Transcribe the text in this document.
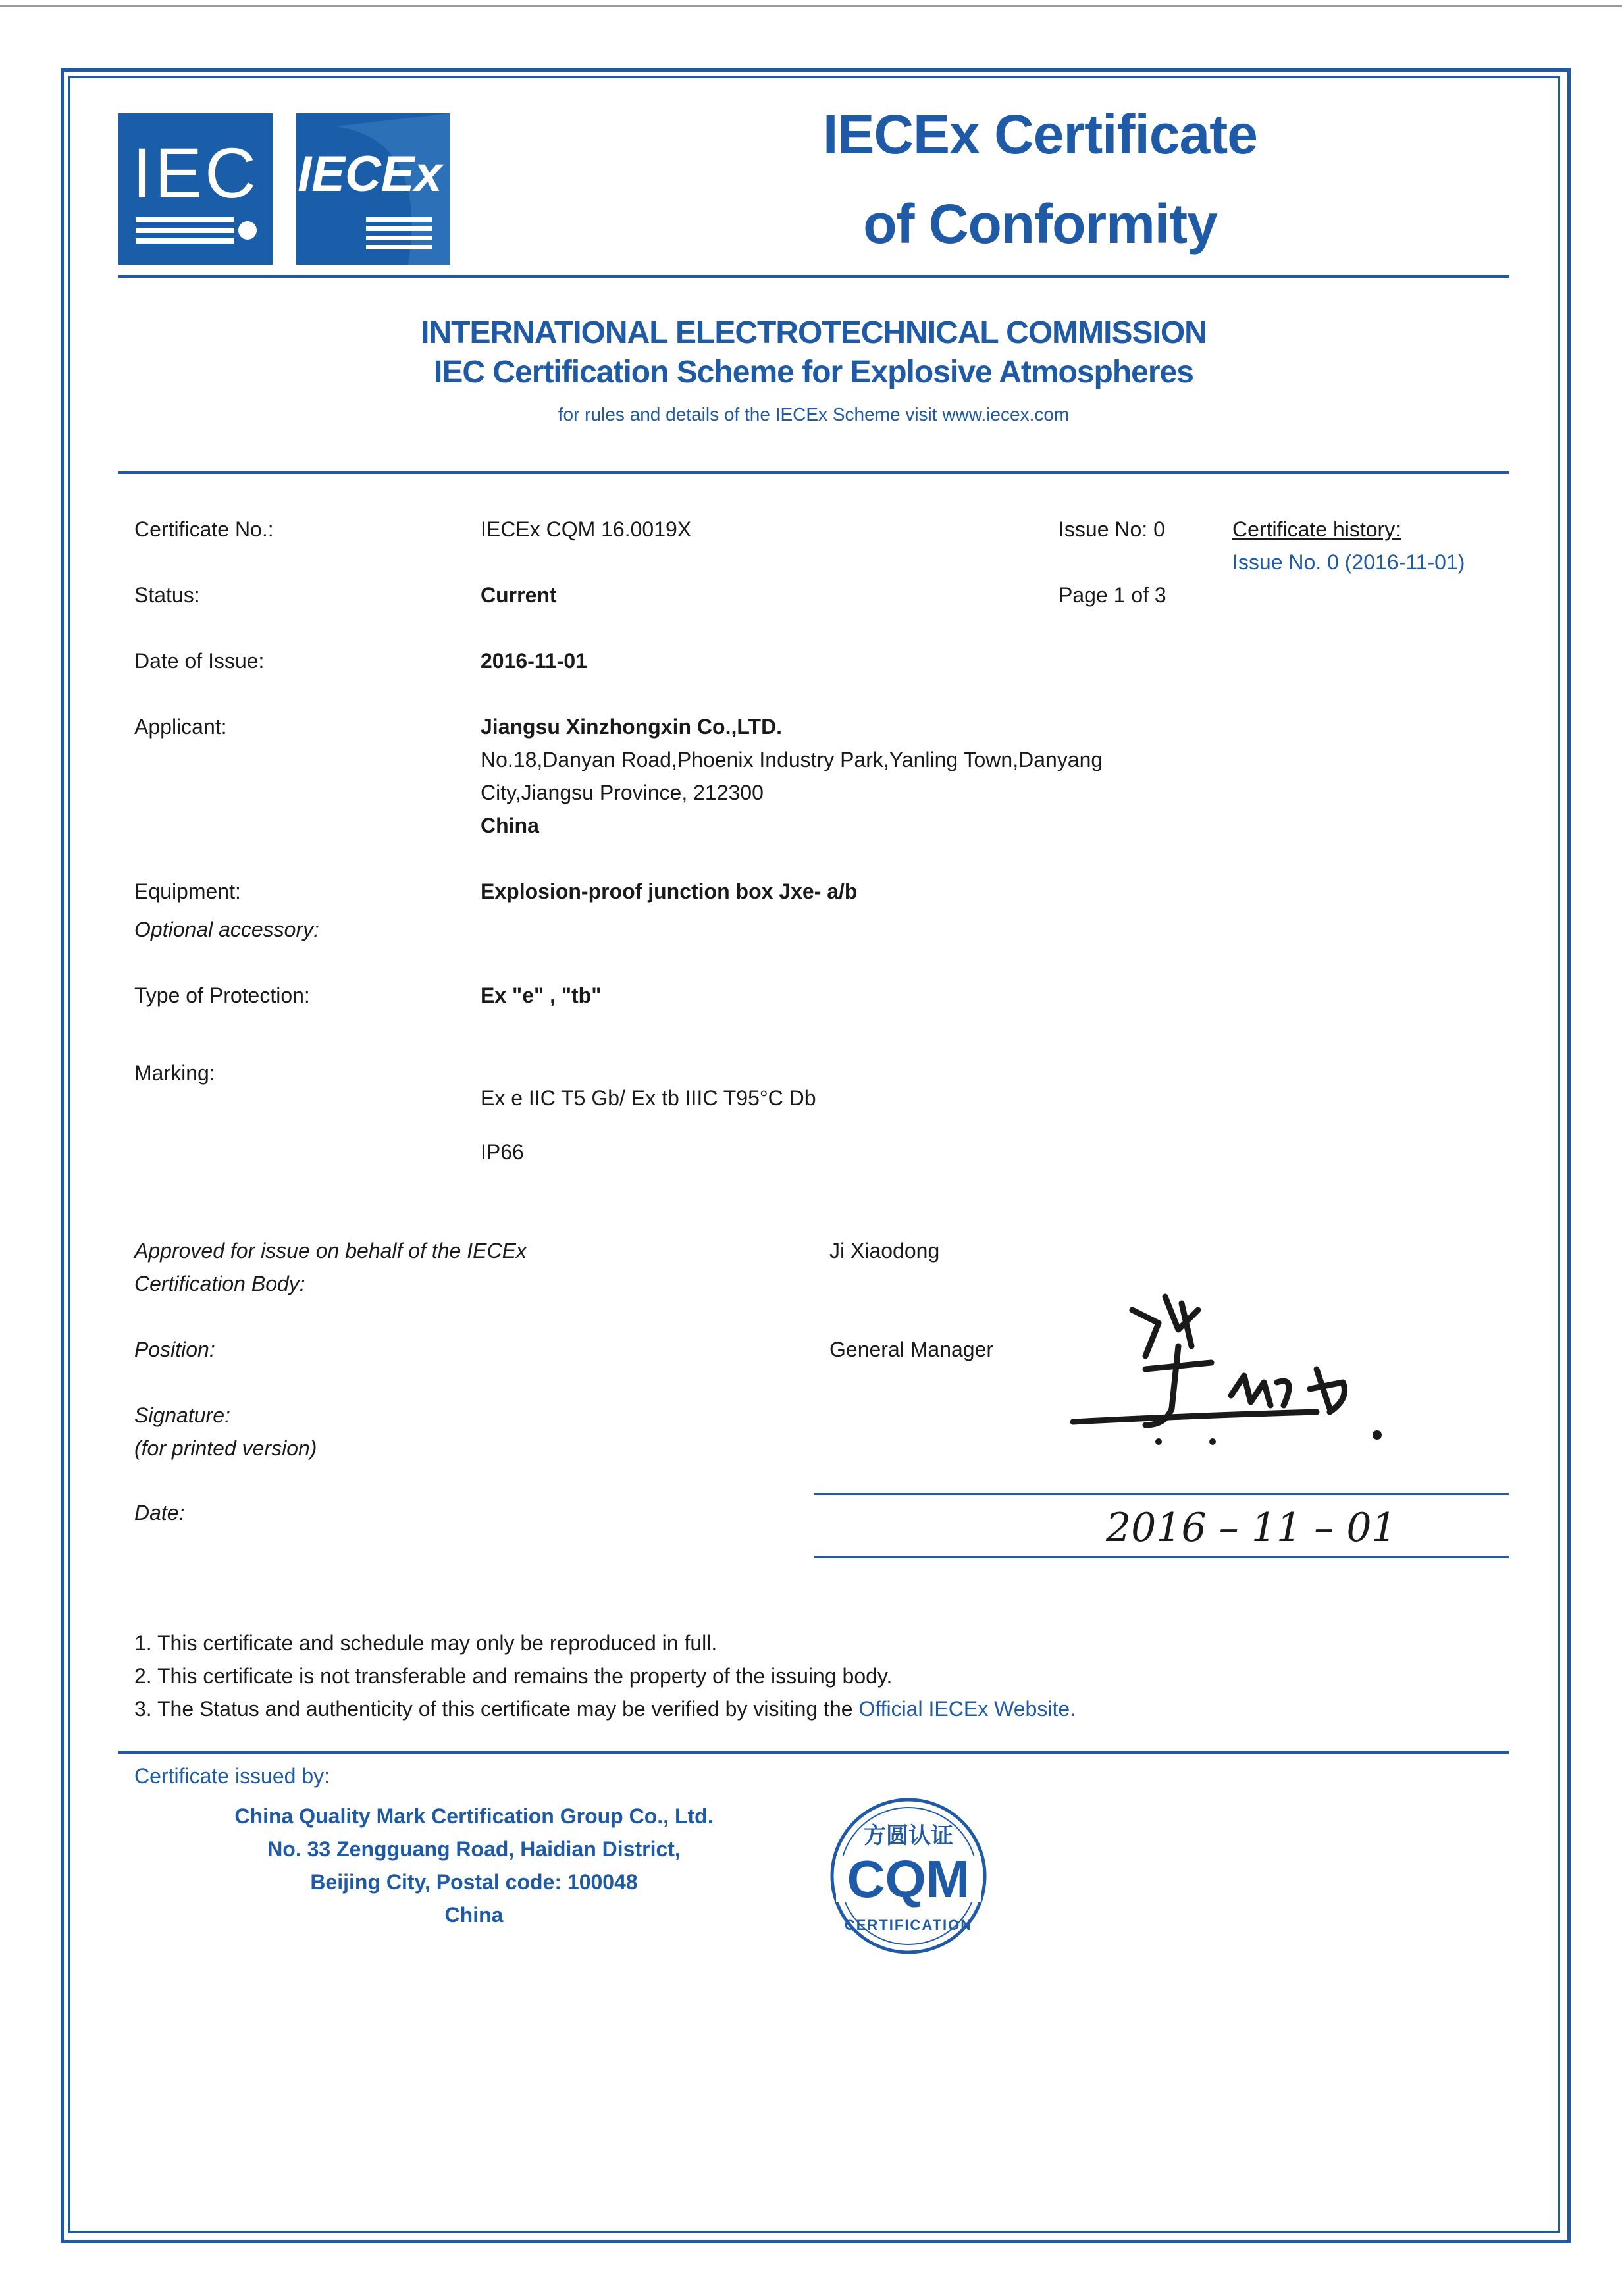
IEC IECEx
IECEx Certificate
of Conformity
INTERNATIONAL ELECTROTECHNICAL COMMISSION
IEC Certification Scheme for Explosive Atmospheres
for rules and details of the IECEx Scheme visit www.iecex.com
Certificate No.:	IECEx CQM 16.0019X	Issue No: 0	Certificate history:
Issue No. 0 (2016-11-01)
Status:	Current	Page 1 of 3
Date of Issue:	2016-11-01
Applicant:	Jiangsu Xinzhongxin Co.,LTD.
No.18,Danyan Road,Phoenix Industry Park,Yanling Town,Danyang
City,Jiangsu Province, 212300
China
Equipment:	Explosion-proof junction box Jxe- a/b
Optional accessory:
Type of Protection:	Ex "e" , "tb"
Marking:
Ex e IIC T5 Gb/ Ex tb IIIC T95°C Db
IP66
Approved for issue on behalf of the IECEx
Certification Body:
Ji Xiaodong
Position:	General Manager
Signature:
(for printed version)
Date:	2016 – 11 – 01
1. This certificate and schedule may only be reproduced in full.
2. This certificate is not transferable and remains the property of the issuing body.
3. The Status and authenticity of this certificate may be verified by visiting the Official IECEx Website.
Certificate issued by:
China Quality Mark Certification Group Co., Ltd.
No. 33 Zengguang Road, Haidian District,
Beijing City, Postal code: 100048
China
方圆认证
CQM
CERTIFICATION
